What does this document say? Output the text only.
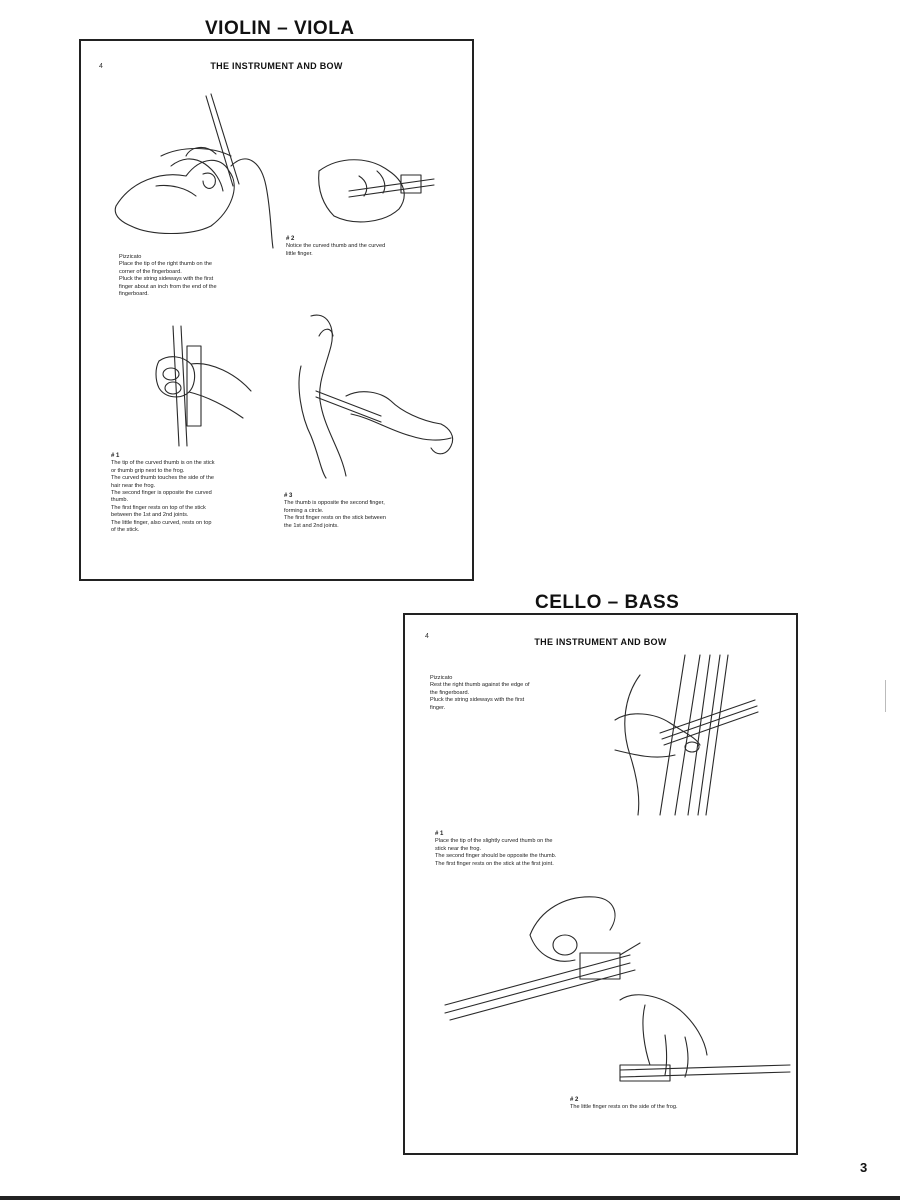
VIOLIN – VIOLA
4	THE INSTRUMENT AND BOW
# 2
Notice the curved thumb and the curved
little finger.
Pizzicato
Place the tip of the right thumb on the
corner of the fingerboard.
Pluck the string sideways with the first
finger about an inch from the end of the
fingerboard.
# 1
The tip of the curved thumb is on the stick
or thumb grip next to the frog.
The curved thumb touches the side of the
hair near the frog.
The second finger is opposite the curved
thumb.
The first finger rests on top of the stick
between the 1st and 2nd joints.
The little finger, also curved, rests on top
of the stick.
# 3
The thumb is opposite the second finger,
forming a circle.
The first finger rests on the stick between
the 1st and 2nd joints.
CELLO – BASS
4
THE INSTRUMENT AND BOW
Pizzicato
Rest the right thumb against the edge of
the fingerboard.
Pluck the string sideways with the first
finger.
# 1
Place the tip of the slightly curved thumb on the
stick near the frog.
The second finger should be opposite the thumb.
The first finger rests on the stick at the first joint.
# 2
The little finger rests on the side of the frog.
3
